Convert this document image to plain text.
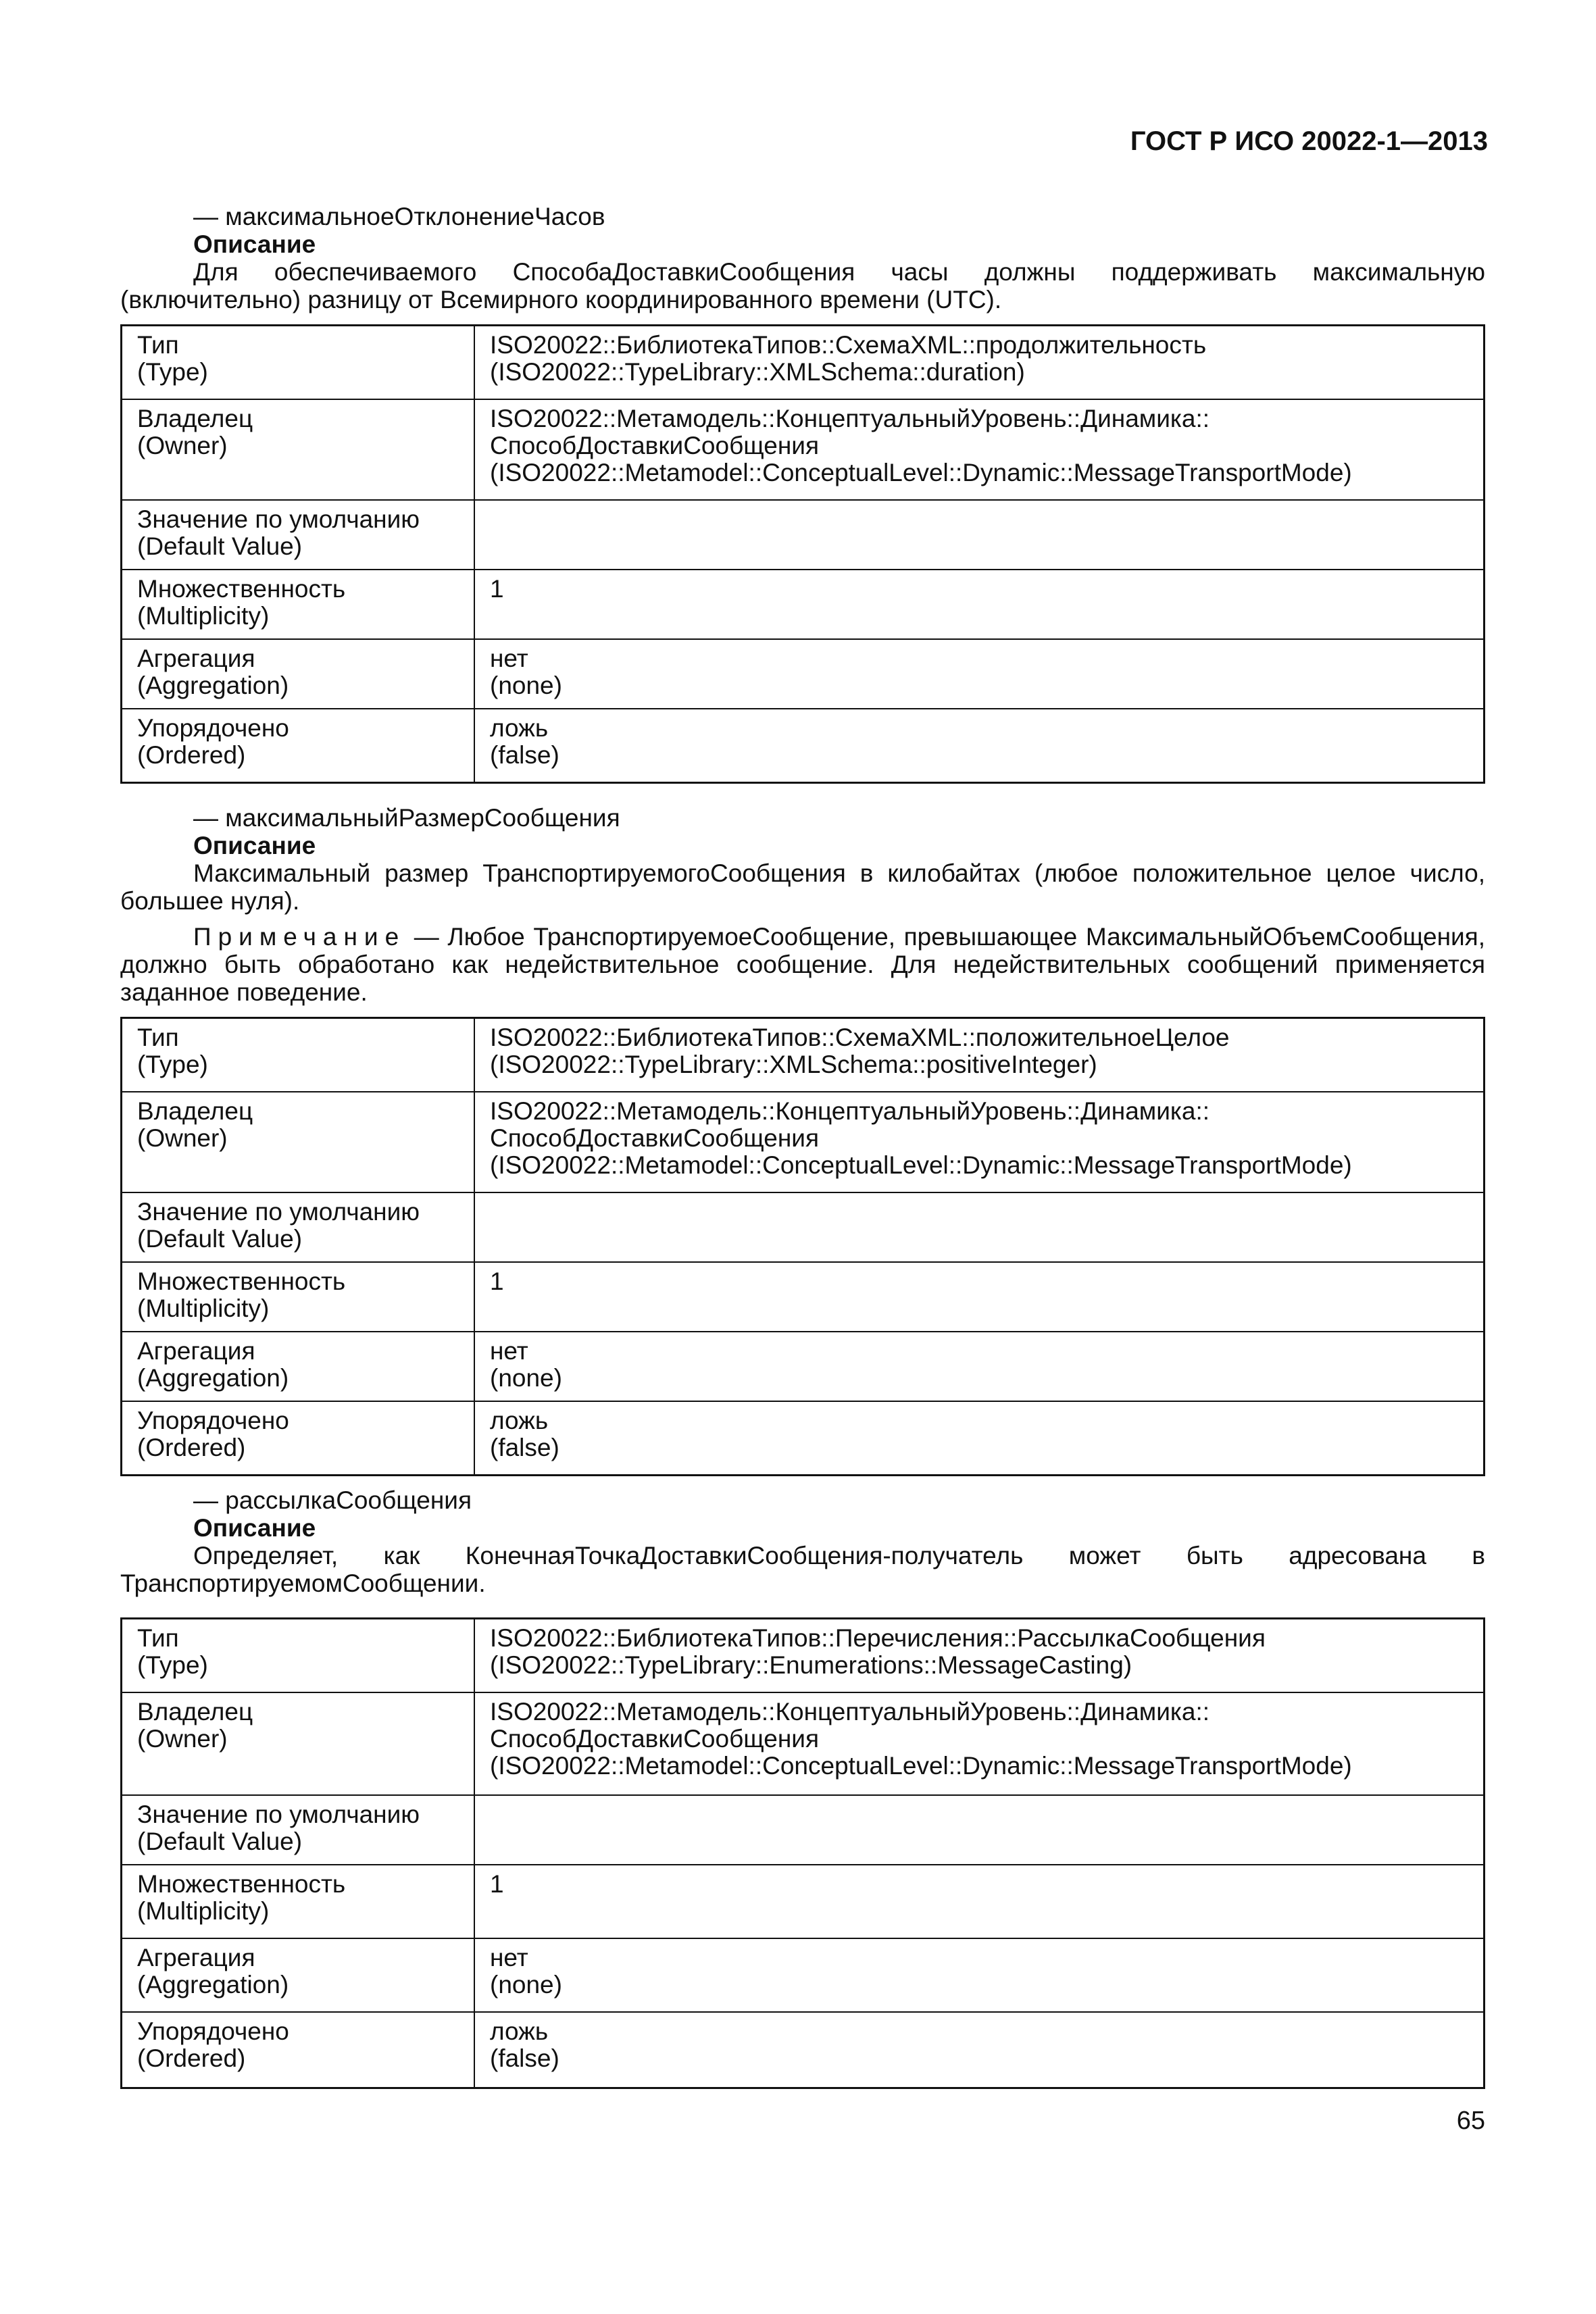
ГОСТ Р ИСО 20022-1—2013
— максимальноеОтклонениеЧасов
Описание
Для обеспечиваемого СпособаДоставкиСообщения часы должны поддерживать максимальную (включительно) разницу от Всемирного координированного времени (UTC).
Тип
(Type)	ISO20022::БиблиотекаТипов::СхемаXML::продолжительность
(ISO20022::TypeLibrary::XMLSchema::duration)

Владелец
(Owner)	ISO20022::Метамодель::КонцептуальныйУровень::Динамика::
СпособДоставкиСообщения
(ISO20022::Metamodel::ConceptualLevel::Dynamic::MessageTransportMode)

Значение по умолчанию
(Default Value)	

Множественность
(Multiplicity)	1

Агрегация
(Aggregation)	нет
(none)

Упорядочено
(Ordered)	ложь
(false)
— максимальныйРазмерСообщения
Описание
Максимальный размер ТранспортируемогоСообщения в килобайтах (любое положительное целое число, большее нуля).
Примечание — Любое ТранспортируемоеСообщение, превышающее МаксимальныйОбъемСообщения, должно быть обработано как недействительное сообщение. Для недействительных сообщений применяется заданное поведение.
Тип
(Type)	ISO20022::БиблиотекаТипов::СхемаXML::положительноеЦелое
(ISO20022::TypeLibrary::XMLSchema::positiveInteger)

Владелец
(Owner)	ISO20022::Метамодель::КонцептуальныйУровень::Динамика::
СпособДоставкиСообщения
(ISO20022::Metamodel::ConceptualLevel::Dynamic::MessageTransportMode)

Значение по умолчанию
(Default Value)	

Множественность
(Multiplicity)	1

Агрегация
(Aggregation)	нет
(none)

Упорядочено
(Ordered)	ложь
(false)
— рассылкаСообщения
Описание
Определяет, как КонечнаяТочкаДоставкиСообщения-получатель может быть адресована в ТранспортируемомСообщении.
Тип
(Type)	ISO20022::БиблиотекаТипов::Перечисления::РассылкаСообщения
(ISO20022::TypeLibrary::Enumerations::MessageCasting)

Владелец
(Owner)	ISO20022::Метамодель::КонцептуальныйУровень::Динамика::
СпособДоставкиСообщения
(ISO20022::Metamodel::ConceptualLevel::Dynamic::MessageTransportMode)

Значение по умолчанию
(Default Value)	

Множественность
(Multiplicity)	1

Агрегация
(Aggregation)	нет
(none)

Упорядочено
(Ordered)	ложь
(false)
65
